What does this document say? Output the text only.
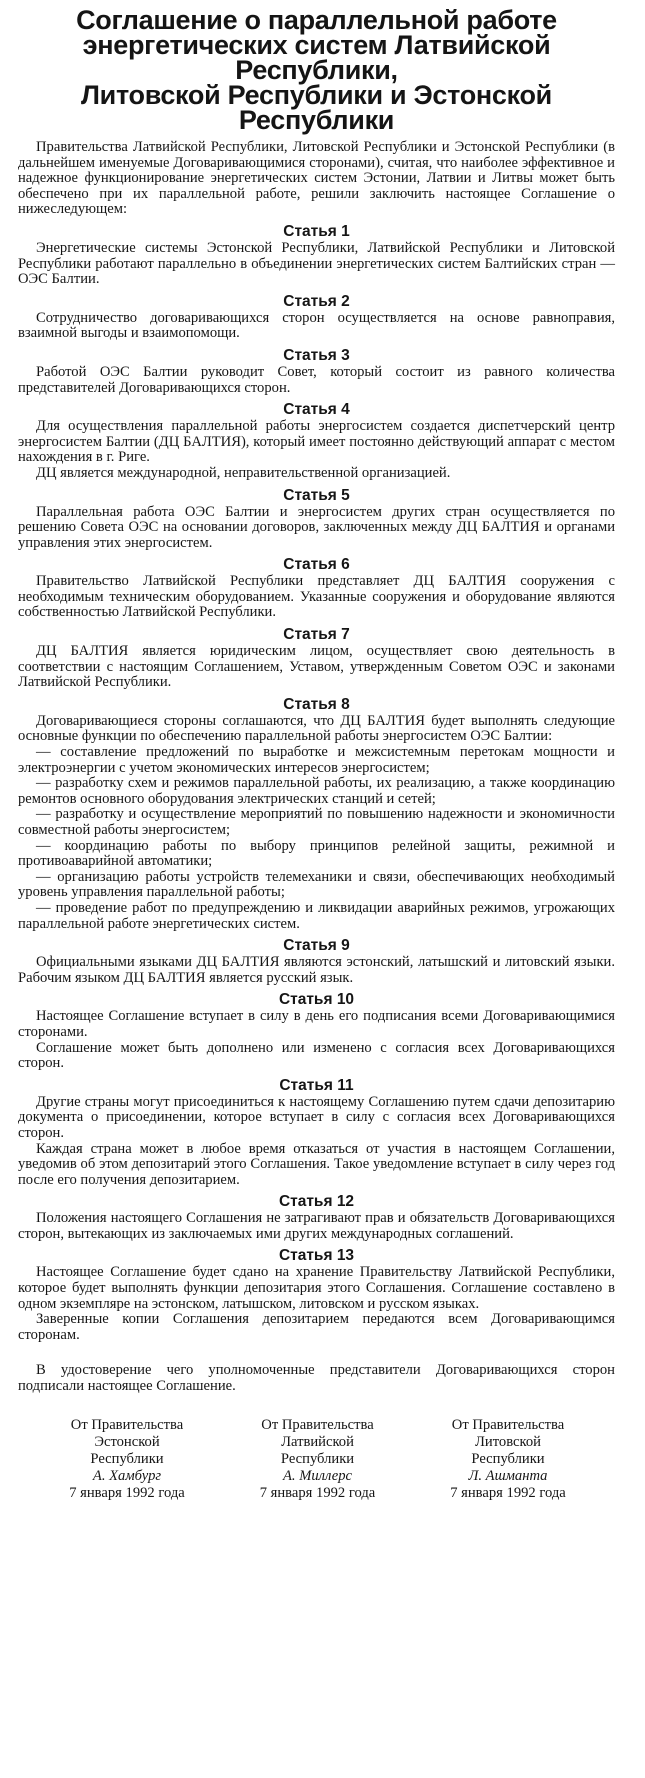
Соглашение о параллельной работе
энергетических систем Латвийской Республики,
Литовской Республики и Эстонской Республики

Правительства Латвийской Республики, Литовской Республики и Эстонской Республики (в дальнейшем именуемые Договаривающимися сторонами), считая, что наиболее эффективное и надежное функционирование энергетических систем Эстонии, Латвии и Литвы может быть обеспечено при их параллельной работе, решили заключить настоящее Соглашение о нижеследующем:

Статья 1

Энергетические системы Эстонской Республики, Латвийской Республики и Литовской Республики работают параллельно в объединении энергетических систем Балтийских стран — ОЭС Балтии.

Статья 2

Сотрудничество договаривающихся сторон осуществляется на основе равноправия, взаимной выгоды и взаимопомощи.

Статья 3

Работой ОЭС Балтии руководит Совет, который состоит из равного количества представителей Договаривающихся сторон.

Статья 4

Для осуществления параллельной работы энергосистем создается диспетчерский центр энергосистем Балтии (ДЦ БАЛТИЯ), который имеет постоянно действующий аппарат с местом нахождения в г. Риге.

ДЦ является международной, неправительственной организацией.

Статья 5

Параллельная работа ОЭС Балтии и энергосистем других стран осуществляется по решению Совета ОЭС на основании договоров, заключенных между ДЦ БАЛТИЯ и органами управления этих энергосистем.

Статья 6

Правительство Латвийской Республики представляет ДЦ БАЛТИЯ сооружения с необходимым техническим оборудованием. Указанные сооружения и оборудование являются собственностью Латвийской Республики.

Статья 7

ДЦ БАЛТИЯ является юридическим лицом, осуществляет свою деятельность в соответствии с настоящим Соглашением, Уставом, утвержденным Советом ОЭС и законами Латвийской Республики.

Статья 8

Договаривающиеся стороны соглашаются, что ДЦ БАЛТИЯ будет выполнять следующие основные функции по обеспечению параллельной работы энергосистем ОЭС Балтии:

— составление предложений по выработке и межсистемным перетокам мощности и электроэнергии с учетом экономических интересов энергосистем;
— разработку схем и режимов параллельной работы, их реализацию, а также координацию ремонтов основного оборудования электрических станций и сетей;
— разработку и осуществление мероприятий по повышению надежности и экономичности совместной работы энергосистем;
— координацию работы по выбору принципов релейной защиты, режимной и противоаварийной автоматики;
— организацию работы устройств телемеханики и связи, обеспечивающих необходимый уровень управления параллельной работы;
— проведение работ по предупреждению и ликвидации аварийных режимов, угрожающих параллельной работе энергетических систем.
Статья 9

Официальными языками ДЦ БАЛТИЯ являются эстонский, латышский и литовский языки. Рабочим языком ДЦ БАЛТИЯ является русский язык.

Статья 10

Настоящее Соглашение вступает в силу в день его подписания всеми Договаривающимися сторонами.

Соглашение может быть дополнено или изменено с согласия всех Договаривающихся сторон.

Статья 11

Другие страны могут присоединиться к настоящему Соглашению путем сдачи депозитарию документа о присоединении, которое вступает в силу с согласия всех Договаривающихся сторон.

Каждая страна может в любое время отказаться от участия в настоящем Соглашении, уведомив об этом депозитарий этого Соглашения. Такое уведомление вступает в силу через год после его получения депозитарием.

Статья 12

Положения настоящего Соглашения не затрагивают прав и обязательств Договаривающихся сторон, вытекающих из заключаемых ими других международных соглашений.

Статья 13

Настоящее Соглашение будет сдано на хранение Правительству Латвийской Республики, которое будет выполнять функции депозитария этого Соглашения. Соглашение составлено в одном экземпляре на эстонском, латышском, литовском и русском языках.

Заверенные копии Соглашения депозитарием передаются всем Договаривающимся сторонам.

В удостоверение чего уполномоченные представители Договаривающихся сторон подписали настоящее Соглашение.

От Правительства
Эстонской
Республики
А. Хамбург
7 января 1992 года
От Правительства
Латвийской
Республики
А. Миллерс
7 января 1992 года
От Правительства
Литовской
Республики
Л. Ашманта
7 января 1992 года
